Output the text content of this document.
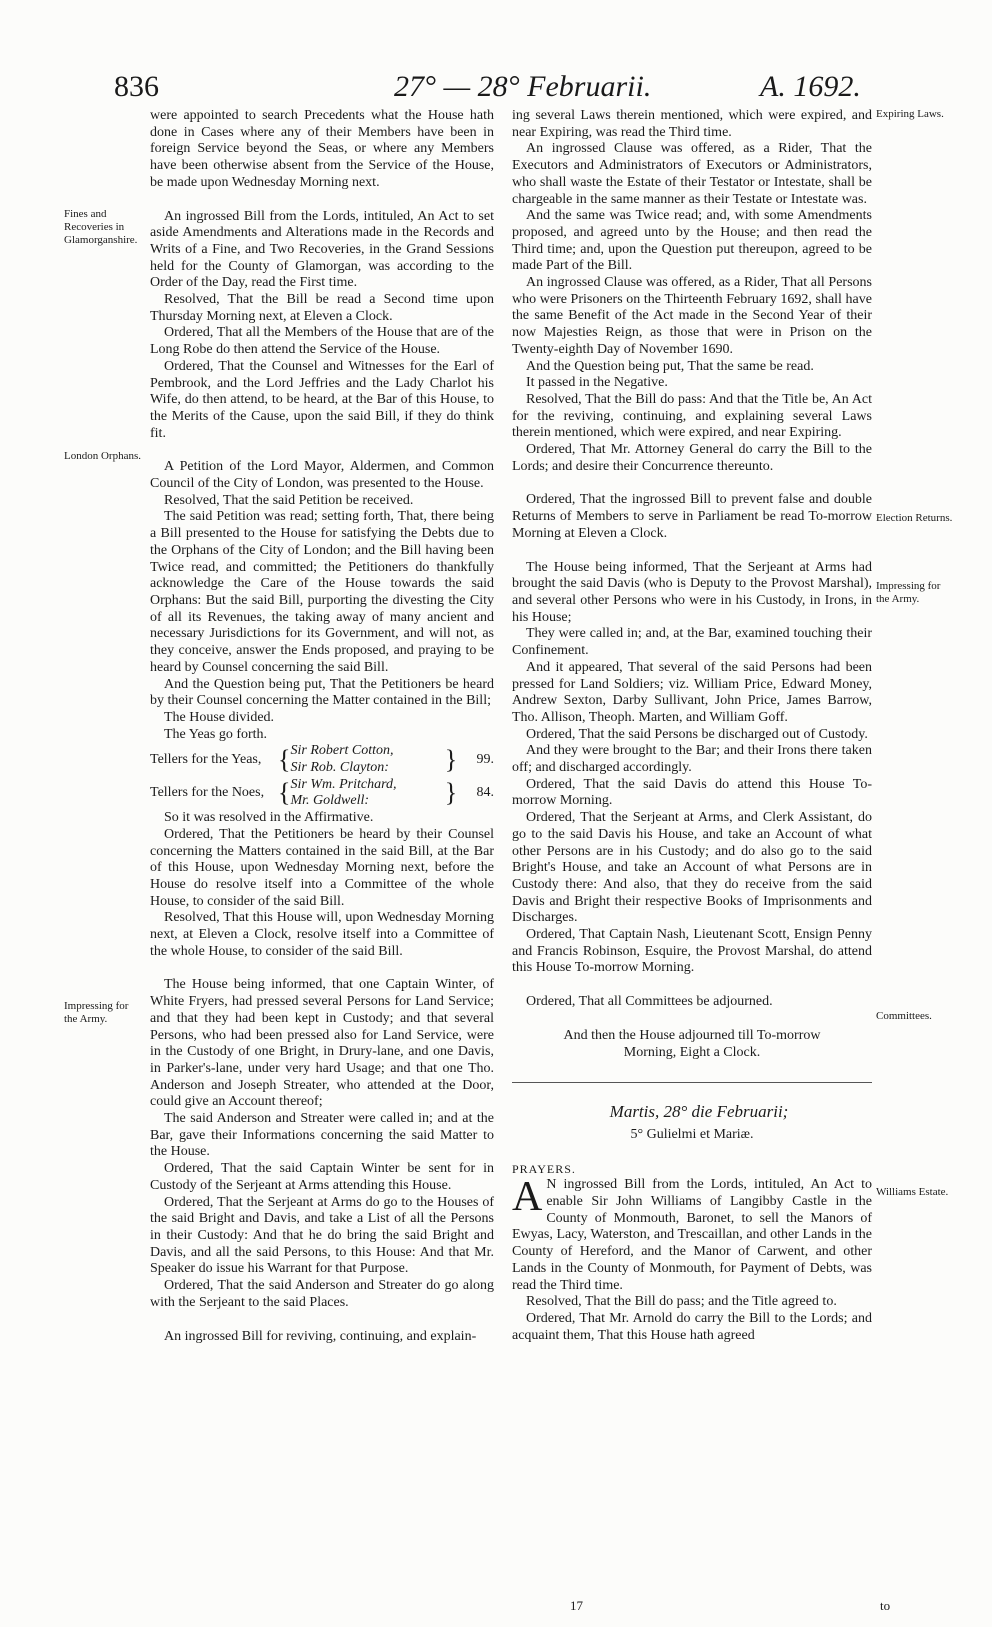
836	27° — 28° Februarii.	A. 1692.
Fines and Recoveries in Glamorganshire.
London Orphans.
Impressing for the Army.
Expiring Laws.
Election Returns.
Impressing for the Army.
Committees.
Williams Estate.

were appointed to search Precedents what the House hath done in Cases where any of their Members have been in foreign Service beyond the Seas, or where any Members have been otherwise absent from the Service of the House, be made upon Wednesday Morning next.

An ingrossed Bill from the Lords, intituled, An Act to set aside Amendments and Alterations made in the Records and Writs of a Fine, and Two Recoveries, in the Grand Sessions held for the County of Glamorgan, was according to the Order of the Day, read the First time.

Resolved, That the Bill be read a Second time upon Thursday Morning next, at Eleven a Clock.

Ordered, That all the Members of the House that are of the Long Robe do then attend the Service of the House.

Ordered, That the Counsel and Witnesses for the Earl of Pembrook, and the Lord Jeffries and the Lady Charlot his Wife, do then attend, to be heard, at the Bar of this House, to the Merits of the Cause, upon the said Bill, if they do think fit.

A Petition of the Lord Mayor, Aldermen, and Common Council of the City of London, was presented to the House.

Resolved, That the said Petition be received.

The said Petition was read; setting forth, That, there being a Bill presented to the House for satisfying the Debts due to the Orphans of the City of London; and the Bill having been Twice read, and committed; the Petitioners do thankfully acknowledge the Care of the House towards the said Orphans: But the said Bill, purporting the divesting the City of all its Revenues, the taking away of many ancient and necessary Jurisdictions for its Government, and will not, as they conceive, answer the Ends proposed, and praying to be heard by Counsel concerning the said Bill.

And the Question being put, That the Petitioners be heard by their Counsel concerning the Matter contained in the Bill;

The House divided.

The Yeas go forth.

Tellers for the Yeas,	{	Sir Robert Cotton,
Sir Rob. Clayton:	}	99.
Tellers for the Noes,	{	Sir Wm. Pritchard,
Mr. Goldwell:	}	84.

So it was resolved in the Affirmative.

Ordered, That the Petitioners be heard by their Counsel concerning the Matters contained in the said Bill, at the Bar of this House, upon Wednesday Morning next, before the House do resolve itself into a Committee of the whole House, to consider of the said Bill.

Resolved, That this House will, upon Wednesday Morning next, at Eleven a Clock, resolve itself into a Committee of the whole House, to consider of the said Bill.

The House being informed, that one Captain Winter, of White Fryers, had pressed several Persons for Land Service; and that they had been kept in Custody; and that several Persons, who had been pressed also for Land Service, were in the Custody of one Bright, in Drury-lane, and one Davis, in Parker's-lane, under very hard Usage; and that one Tho. Anderson and Joseph Streater, who attended at the Door, could give an Account thereof;

The said Anderson and Streater were called in; and at the Bar, gave their Informations concerning the said Matter to the House.

Ordered, That the said Captain Winter be sent for in Custody of the Serjeant at Arms attending this House.

Ordered, That the Serjeant at Arms do go to the Houses of the said Bright and Davis, and take a List of all the Persons in their Custody: And that he do bring the said Bright and Davis, and all the said Persons, to this House: And that Mr. Speaker do issue his Warrant for that Purpose.

Ordered, That the said Anderson and Streater do go along with the Serjeant to the said Places.

An ingrossed Bill for reviving, continuing, and explain-

ing several Laws therein mentioned, which were expired, and near Expiring, was read the Third time.

An ingrossed Clause was offered, as a Rider, That the Executors and Administrators of Executors or Administrators, who shall waste the Estate of their Testator or Intestate, shall be chargeable in the same manner as their Testate or Intestate was.

And the same was Twice read; and, with some Amendments proposed, and agreed unto by the House; and then read the Third time; and, upon the Question put thereupon, agreed to be made Part of the Bill.

An ingrossed Clause was offered, as a Rider, That all Persons who were Prisoners on the Thirteenth February 1692, shall have the same Benefit of the Act made in the Second Year of their now Majesties Reign, as those that were in Prison on the Twenty-eighth Day of November 1690.

And the Question being put, That the same be read.

It passed in the Negative.

Resolved, That the Bill do pass: And that the Title be, An Act for the reviving, continuing, and explaining several Laws therein mentioned, which were expired, and near Expiring.

Ordered, That Mr. Attorney General do carry the Bill to the Lords; and desire their Concurrence thereunto.

Ordered, That the ingrossed Bill to prevent false and double Returns of Members to serve in Parliament be read To-morrow Morning at Eleven a Clock.

The House being informed, That the Serjeant at Arms had brought the said Davis (who is Deputy to the Provost Marshal), and several other Persons who were in his Custody, in Irons, in his House;

They were called in; and, at the Bar, examined touching their Confinement.

And it appeared, That several of the said Persons had been pressed for Land Soldiers; viz. William Price, Edward Money, Andrew Sexton, Darby Sullivant, John Price, James Barrow, Tho. Allison, Theoph. Marten, and William Goff.

Ordered, That the said Persons be discharged out of Custody.

And they were brought to the Bar; and their Irons there taken off; and discharged accordingly.

Ordered, That the said Davis do attend this House To-morrow Morning.

Ordered, That the Serjeant at Arms, and Clerk Assistant, do go to the said Davis his House, and take an Account of what other Persons are in his Custody; and do also go to the said Bright's House, and take an Account of what Persons are in Custody there: And also, that they do receive from the said Davis and Bright their respective Books of Imprisonments and Discharges.

Ordered, That Captain Nash, Lieutenant Scott, Ensign Penny and Francis Robinson, Esquire, the Provost Marshal, do attend this House To-morrow Morning.

Ordered, That all Committees be adjourned.

And then the House adjourned till To-morrow Morning, Eight a Clock.

Martis, 28° die Februarii;

5° Gulielmi et Mariæ.

PRAYERS.

A N ingrossed Bill from the Lords, intituled, An Act to enable Sir John Williams of Langibby Castle in the County of Monmouth, Baronet, to sell the Manors of Ewyas, Lacy, Waterston, and Trescaillan, and other Lands in the County of Hereford, and the Manor of Carwent, and other Lands in the County of Monmouth, for Payment of Debts, was read the Third time.

Resolved, That the Bill do pass; and the Title agreed to.

Ordered, That Mr. Arnold do carry the Bill to the Lords; and acquaint them, That this House hath agreed

17	to
